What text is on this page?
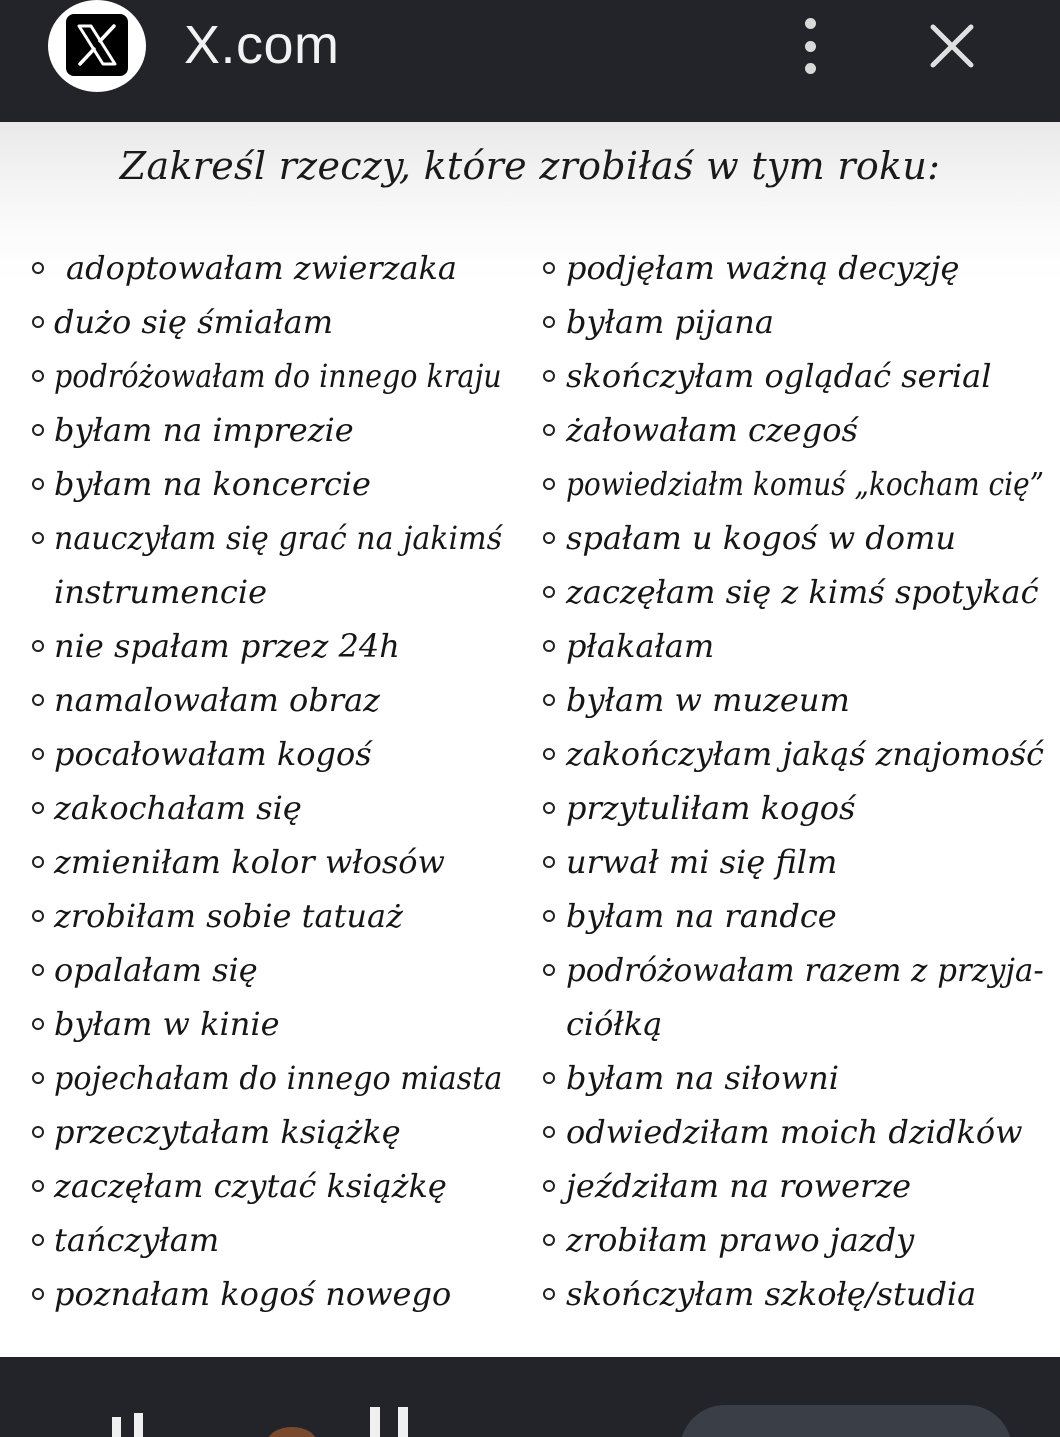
X.com
Zakreśl rzeczy, które zrobiłaś w tym roku:
adoptowałam zwierzaka
dużo się śmiałam
podróżowałam do innego kraju
byłam na imprezie
byłam na koncercie
nauczyłam się grać na jakimś
instrumencie
nie spałam przez 24h
namalowałam obraz
pocałowałam kogoś
zakochałam się
zmieniłam kolor włosów
zrobiłam sobie tatuaż
opalałam się
byłam w kinie
pojechałam do innego miasta
przeczytałam książkę
zaczęłam czytać książkę
tańczyłam
poznałam kogoś nowego
podjęłam ważną decyzję
byłam pijana
skończyłam oglądać serial
żałowałam czegoś
powiedziałm komuś „kocham cię”
spałam u kogoś w domu
zaczęłam się z kimś spotykać
płakałam
byłam w muzeum
zakończyłam jakąś znajomość
przytuliłam kogoś
urwał mi się film
byłam na randce
podróżowałam razem z przyja-
ciółką
byłam na siłowni
odwiedziłam moich dzidków
jeździłam na rowerze
zrobiłam prawo jazdy
skończyłam szkołę/studia
